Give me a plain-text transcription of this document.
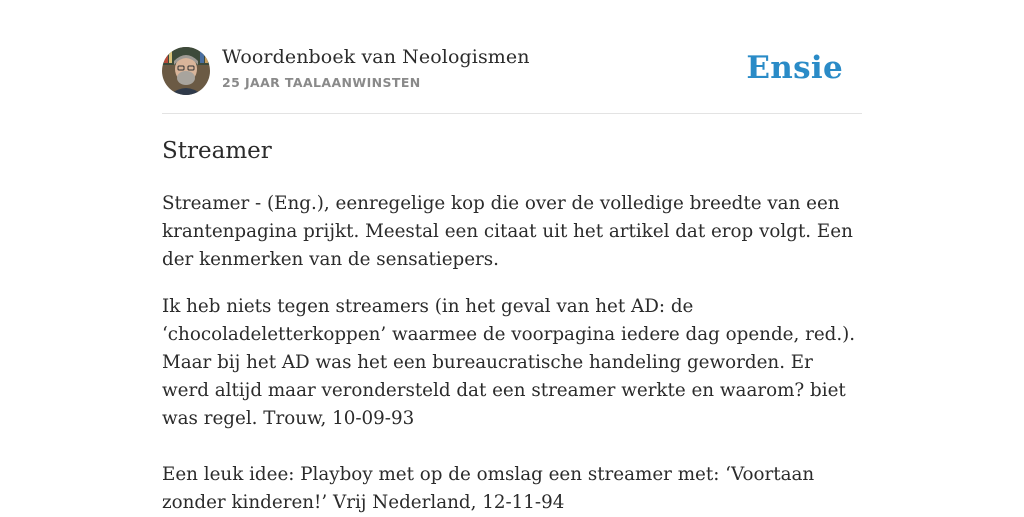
Woordenboek van Neologismen
25 JAAR TAALAANWINSTEN	Ensie
Streamer

Streamer - (Eng.), eenregelige kop die over de volledige breedte van een krantenpagina prijkt. Meestal een citaat uit het artikel dat erop volgt. Een der kenmerken van de sensatiepers.

Ik heb niets tegen streamers (in het geval van het AD: de ‘chocoladeletterkoppen’ waarmee de voorpagina iedere dag opende, red.). Maar bij het AD was het een bureaucratische handeling geworden. Er werd altijd maar verondersteld dat een streamer werkte en waarom? biet was regel. Trouw, 10-09-93

Een leuk idee: Playboy met op de omslag een streamer met: ‘Voortaan zonder kinderen!’ Vrij Nederland, 12-11-94
